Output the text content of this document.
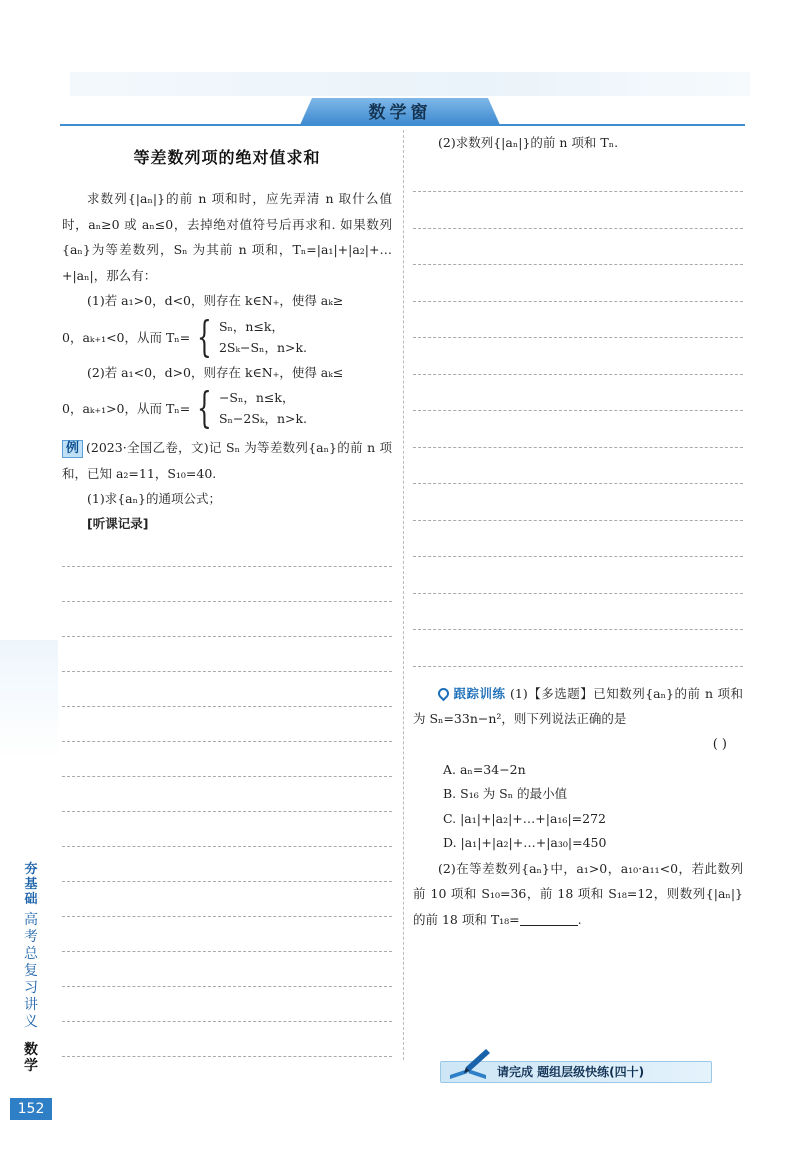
数学窗
等差数列项的绝对值求和

求数列{|aₙ|}的前 n 项和时，应先弄清 n 取什么值时，aₙ≥0 或 aₙ≤0，去掉绝对值符号后再求和. 如果数列{aₙ}为等差数列，Sₙ 为其前 n 项和，Tₙ=|a₁|+|a₂|+…+|aₙ|，那么有：

(1)若 a₁>0，d<0，则存在 k∈N₊，使得 aₖ≥

0，aₖ₊₁<0，从而 Tₙ= { Sₙ，n≤k，
2Sₖ−Sₙ，n>k.

(2)若 a₁<0，d>0，则存在 k∈N₊，使得 aₖ≤

0，aₖ₊₁>0，从而 Tₙ= { −Sₙ，n≤k，
Sₙ−2Sₖ，n>k.

例 (2023·全国乙卷，文)记 Sₙ 为等差数列{aₙ}的前 n 项和，已知 a₂=11，S₁₀=40.

(1)求{aₙ}的通项公式；

[听课记录]

(2)求数列{|aₙ|}的前 n 项和 Tₙ.

跟踪训练 (1)【多选题】已知数列{aₙ}的前 n 项和为 Sₙ=33n−n²，则下列说法正确的是

( )
A. aₙ=34−2n
B. S₁₆ 为 Sₙ 的最小值
C. |a₁|+|a₂|+…+|a₁₆|=272
D. |a₁|+|a₂|+…+|a₃₀|=450

(2)在等差数列{aₙ}中，a₁>0，a₁₀·a₁₁<0，若此数列前 10 项和 S₁₀=36，前 18 项和 S₁₈=12，则数列{|aₙ|}的前 18 项和 T₁₈=	.

请完成 题组层级快练(四十)
夯基础
高考总复习讲义
数学
152
